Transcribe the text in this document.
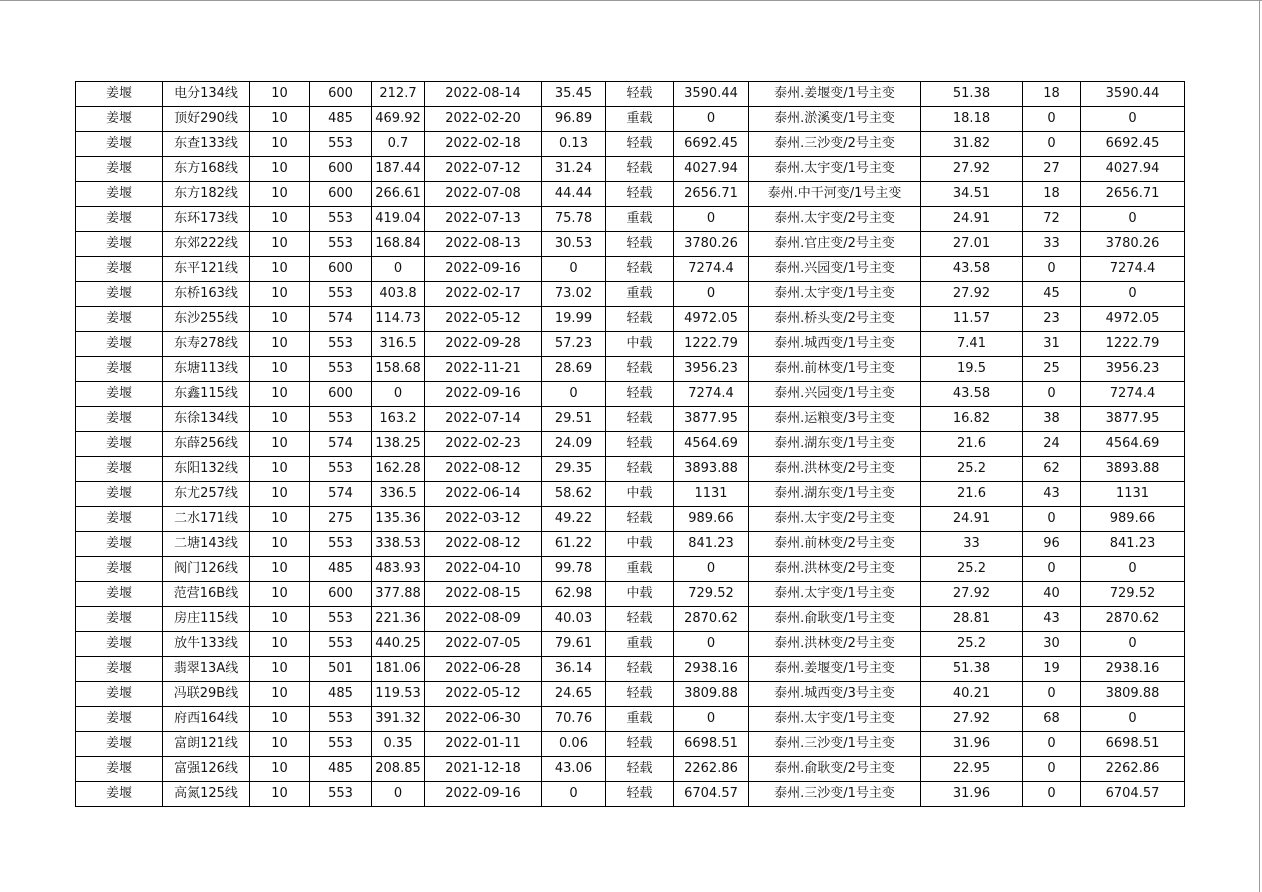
姜堰	电分134线	10	600	212.7	2022-08-14	35.45	轻载	3590.44	泰州.姜堰变/1号主变	51.38	18	3590.44
姜堰	顶好290线	10	485	469.92	2022-02-20	96.89	重载	0	泰州.淤溪变/1号主变	18.18	0	0
姜堰	东查133线	10	553	0.7	2022-02-18	0.13	轻载	6692.45	泰州.三沙变/2号主变	31.82	0	6692.45
姜堰	东方168线	10	600	187.44	2022-07-12	31.24	轻载	4027.94	泰州.太宇变/1号主变	27.92	27	4027.94
姜堰	东方182线	10	600	266.61	2022-07-08	44.44	轻载	2656.71	泰州.中干河变/1号主变	34.51	18	2656.71
姜堰	东环173线	10	553	419.04	2022-07-13	75.78	重载	0	泰州.太宇变/2号主变	24.91	72	0
姜堰	东郊222线	10	553	168.84	2022-08-13	30.53	轻载	3780.26	泰州.官庄变/2号主变	27.01	33	3780.26
姜堰	东平121线	10	600	0	2022-09-16	0	轻载	7274.4	泰州.兴园变/1号主变	43.58	0	7274.4
姜堰	东桥163线	10	553	403.8	2022-02-17	73.02	重载	0	泰州.太宇变/1号主变	27.92	45	0
姜堰	东沙255线	10	574	114.73	2022-05-12	19.99	轻载	4972.05	泰州.桥头变/2号主变	11.57	23	4972.05
姜堰	东寿278线	10	553	316.5	2022-09-28	57.23	中载	1222.79	泰州.城西变/1号主变	7.41	31	1222.79
姜堰	东塘113线	10	553	158.68	2022-11-21	28.69	轻载	3956.23	泰州.前林变/1号主变	19.5	25	3956.23
姜堰	东鑫115线	10	600	0	2022-09-16	0	轻载	7274.4	泰州.兴园变/1号主变	43.58	0	7274.4
姜堰	东徐134线	10	553	163.2	2022-07-14	29.51	轻载	3877.95	泰州.运粮变/3号主变	16.82	38	3877.95
姜堰	东薛256线	10	574	138.25	2022-02-23	24.09	轻载	4564.69	泰州.湖东变/1号主变	21.6	24	4564.69
姜堰	东阳132线	10	553	162.28	2022-08-12	29.35	轻载	3893.88	泰州.洪林变/2号主变	25.2	62	3893.88
姜堰	东尤257线	10	574	336.5	2022-06-14	58.62	中载	1131	泰州.湖东变/1号主变	21.6	43	1131
姜堰	二水171线	10	275	135.36	2022-03-12	49.22	轻载	989.66	泰州.太宇变/2号主变	24.91	0	989.66
姜堰	二塘143线	10	553	338.53	2022-08-12	61.22	中载	841.23	泰州.前林变/2号主变	33	96	841.23
姜堰	阀门126线	10	485	483.93	2022-04-10	99.78	重载	0	泰州.洪林变/2号主变	25.2	0	0
姜堰	范营16B线	10	600	377.88	2022-08-15	62.98	中载	729.52	泰州.太宇变/1号主变	27.92	40	729.52
姜堰	房庄115线	10	553	221.36	2022-08-09	40.03	轻载	2870.62	泰州.俞耿变/1号主变	28.81	43	2870.62
姜堰	放牛133线	10	553	440.25	2022-07-05	79.61	重载	0	泰州.洪林变/2号主变	25.2	30	0
姜堰	翡翠13A线	10	501	181.06	2022-06-28	36.14	轻载	2938.16	泰州.姜堰变/1号主变	51.38	19	2938.16
姜堰	冯联29B线	10	485	119.53	2022-05-12	24.65	轻载	3809.88	泰州.城西变/3号主变	40.21	0	3809.88
姜堰	府西164线	10	553	391.32	2022-06-30	70.76	重载	0	泰州.太宇变/1号主变	27.92	68	0
姜堰	富朗121线	10	553	0.35	2022-01-11	0.06	轻载	6698.51	泰州.三沙变/1号主变	31.96	0	6698.51
姜堰	富强126线	10	485	208.85	2021-12-18	43.06	轻载	2262.86	泰州.俞耿变/2号主变	22.95	0	2262.86
姜堰	高氮125线	10	553	0	2022-09-16	0	轻载	6704.57	泰州.三沙变/1号主变	31.96	0	6704.57
